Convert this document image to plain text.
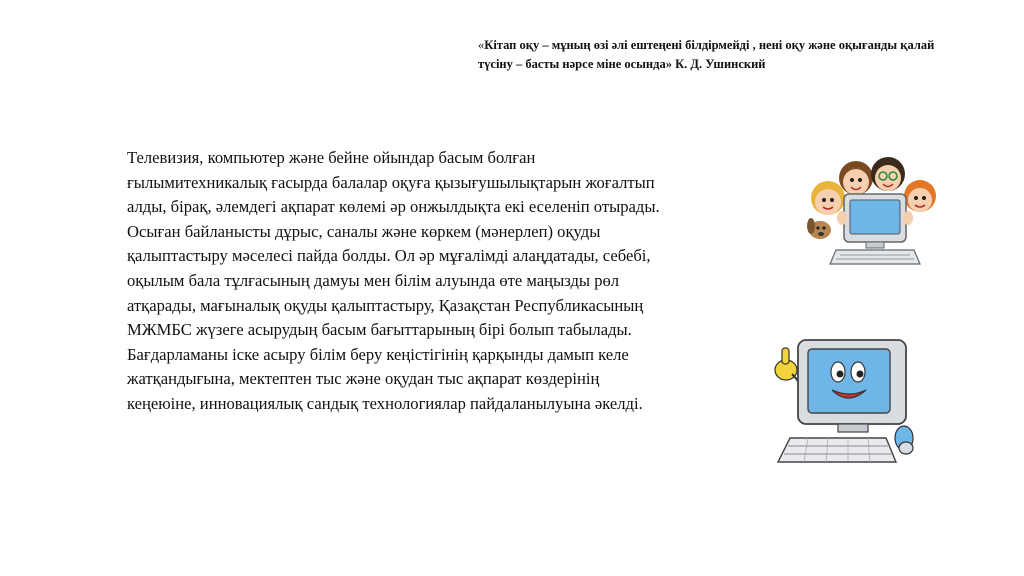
«Кітап оқу – мұның өзі әлі ештеңені білдірмейді , нені оқу және оқығанды қалай түсіну – басты нәрсе міне осында» К. Д. Ушинский

Телевизия, компьютер және бейне ойындар басым болған
ғылымитехникалық ғасырда балалар оқуға қызығушылықтарын жоғалтып
алды, бірақ, әлемдегі ақпарат көлемі әр онжылдықта екі еселеніп отырады.
Осыған байланысты дұрыс, саналы және көркем (мәнерлеп) оқуды
қалыптастыру мәселесі пайда болды. Ол әр мұғалімді алаңдатады, себебі,
оқылым бала тұлғасының дамуы мен білім алуында өте маңызды рөл
атқарады, мағыналық оқуды қалыптастыру, Қазақстан Республикасының
МЖМБС жүзеге асырудың басым бағыттарының бірі болып табылады.
Бағдарламаны іске асыру білім беру кеңістігінің қарқынды дамып келе
жатқандығына, мектептен тыс және оқудан тыс ақпарат көздерінің
кеңеюіне, инновациялық сандық технологиялар пайдаланылуына әкелді.
